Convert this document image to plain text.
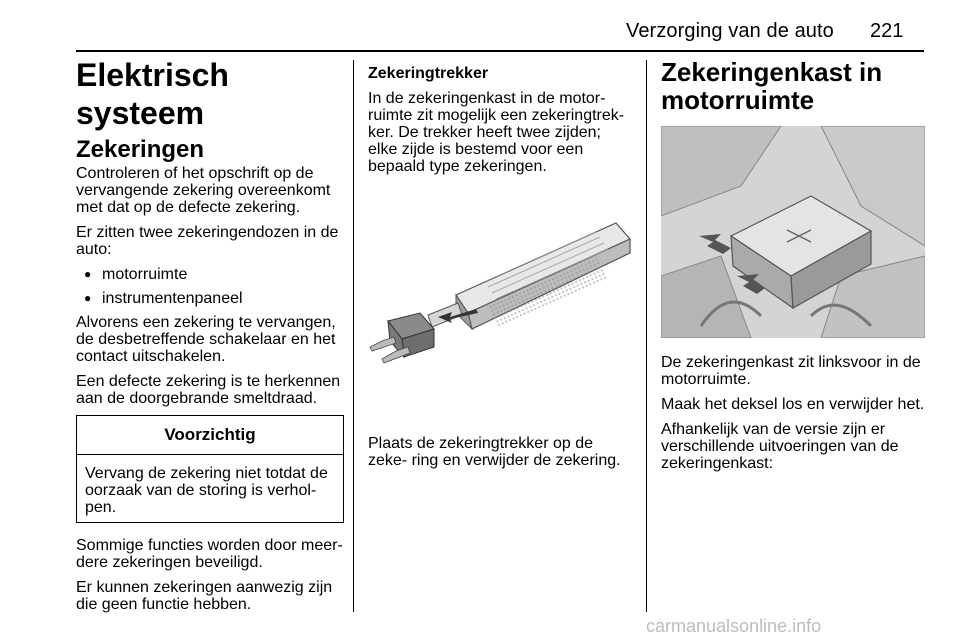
Verzorging van de auto 221
Elektrisch systeem
Zekeringen

Controleren of het opschrift op de vervangende zekering overeenkomt met dat op de defecte zekering.

Er zitten twee zekeringendozen in de auto:

● motorruimte
● instrumentenpaneel

Alvorens een zekering te vervangen, de desbetreffende schakelaar en het contact uitschakelen.

Een defecte zekering is te herkennen aan de doorgebrande smeltdraad.

Voorzichtig

Vervang de zekering niet totdat de oorzaak van de storing is verhol- pen.

Sommige functies worden door meer- dere zekeringen beveiligd.

Er kunnen zekeringen aanwezig zijn die geen functie hebben.

Zekeringtrekker

In de zekeringenkast in de motor- ruimte zit mogelijk een zekeringtrek- ker. De trekker heeft twee zijden; elke zijde is bestemd voor een bepaald type zekeringen.

Plaats de zekeringtrekker op de zeke- ring en verwijder de zekering.

Zekeringenkast in motorruimte

De zekeringenkast zit linksvoor in de motorruimte.

Maak het deksel los en verwijder het.

Afhankelijk van de versie zijn er verschillende uitvoeringen van de zekeringenkast:

carmanualsonline.info
